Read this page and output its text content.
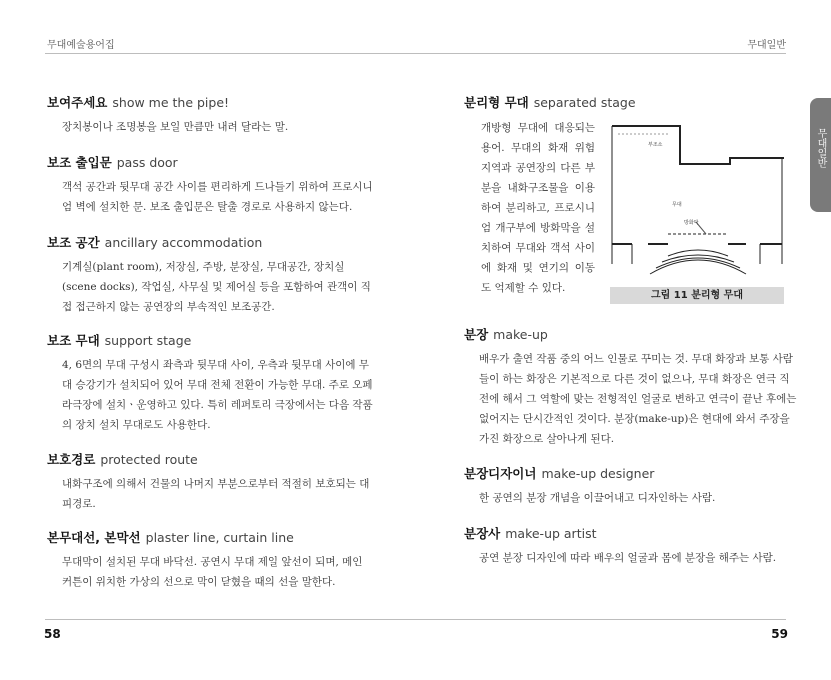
무대예술용어집	무대일반
무대일반
보여주세요 show me the pipe!
장치봉이나 조명봉을 보일 만큼만 내려 달라는 말.
보조 출입문 pass door
객석 공간과 뒷무대 공간 사이를 편리하게 드나들기 위하여 프로시니엄 벽에 설치한 문. 보조 출입문은 탈출 경로로 사용하지 않는다.
보조 공간 ancillary accommodation
기계실(plant room), 저장실, 주방, 분장실, 무대공간, 장치실(scene docks), 작업실, 사무실 및 제어실 등을 포함하여 관객이 직접 접근하지 않는 공연장의 부속적인 보조공간.
보조 무대 support stage
4, 6면의 무대 구성시 좌측과 뒷무대 사이, 우측과 뒷무대 사이에 무대 승강기가 설치되어 있어 무대 전체 전환이 가능한 무대. 주로 오페라극장에 설치ㆍ운영하고 있다. 특히 레퍼토리 극장에서는 다음 작품의 장치 설치 무대로도 사용한다.
보호경로 protected route
내화구조에 의해서 건물의 나머지 부분으로부터 적절히 보호되는 대피경로.
본무대선, 본막선 plaster line, curtain line
무대막이 설치된 무대 바닥선. 공연시 무대 제일 앞선이 되며, 메인 커튼이 위치한 가상의 선으로 막이 닫혔을 때의 선을 말한다.
분리형 무대 separated stage
개방형 무대에 대응되는 용어. 무대의 화재 위험 지역과 공연장의 다른 부분을 내화구조물을 이용하여 분리하고, 프로시니엄 개구부에 방화막을 설치하여 무대와 객석 사이에 화재 및 연기의 이동도 억제할 수 있다.
부조소
무대
방화막
그림 11 분리형 무대
분장 make-up
배우가 출연 작품 중의 어느 인물로 꾸미는 것. 무대 화장과 보통 사람들이 하는 화장은 기본적으로 다른 것이 없으나, 무대 화장은 연극 직전에 해서 그 역할에 맞는 전형적인 얼굴로 변하고 연극이 끝난 후에는 없어지는 단시간적인 것이다. 분장(make-up)은 현대에 와서 주장을 가진 화장으로 살아나게 된다.
분장디자이너 make-up designer
한 공연의 분장 개념을 이끌어내고 디자인하는 사람.
분장사 make-up artist
공연 분장 디자인에 따라 배우의 얼굴과 몸에 분장을 해주는 사람.
58	59
